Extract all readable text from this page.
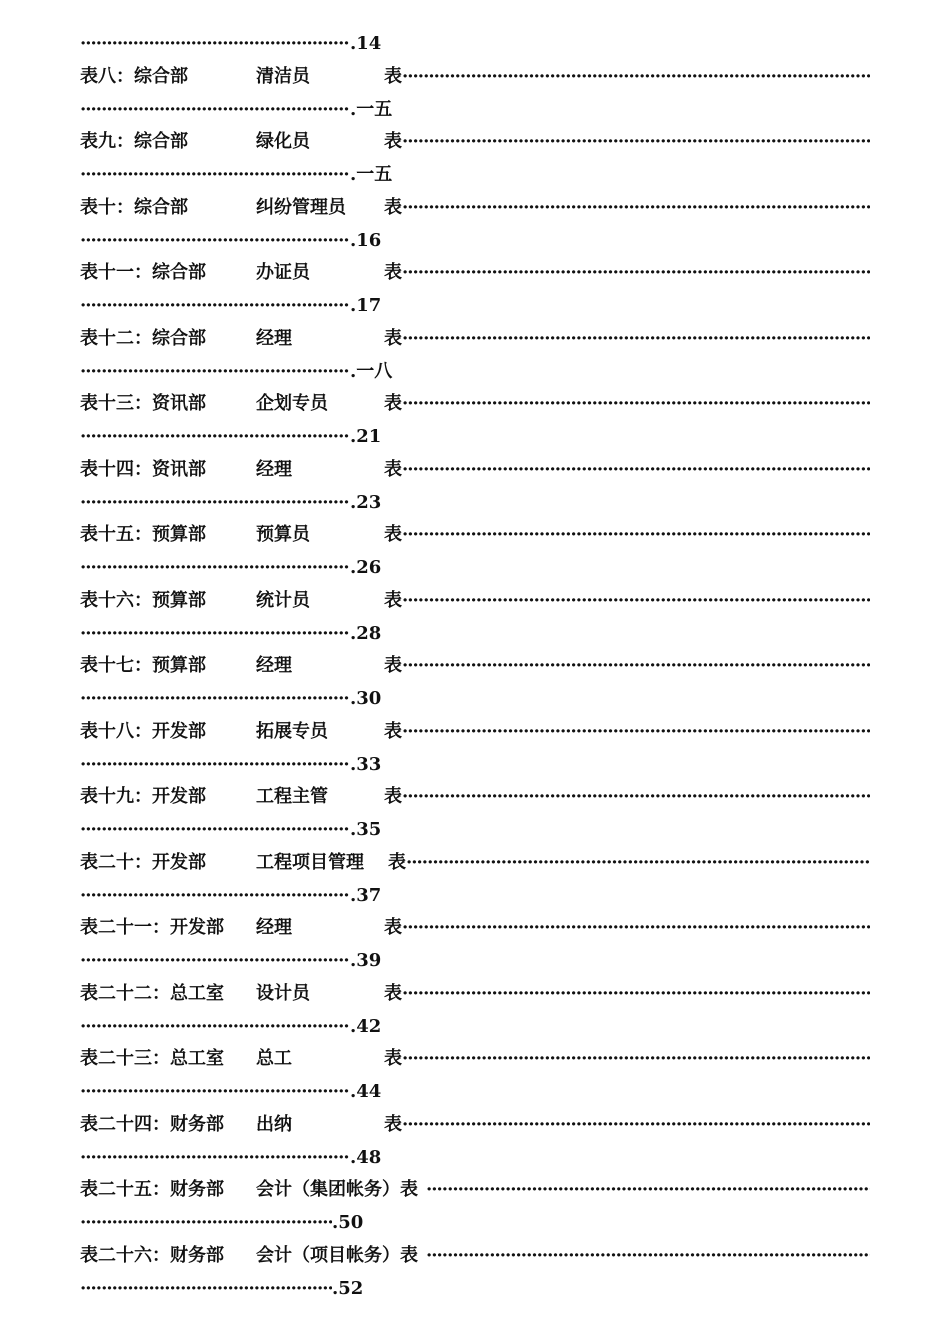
·····.14
表八：综合部	清洁员	表
·····
·····.一五
表九：综合部	绿化员	表
·····
·····.一五
表十：综合部	纠纷管理员 表
·····
·····.16
表十一：综合部	办证员	表
·····
·····.17
表十二：综合部	经理	表
·····
·····.一八
表十三：资讯部	企划专员	表
·····
·····.21
表十四：资讯部	经理	表
·····
·····.23
表十五：预算部	预算员	表
·····
·····.26
表十六：预算部	统计员	表
·····
·····.28
表十七：预算部	经理	表
·····
·····.30
表十八：开发部	拓展专员	表
·····
·····.33
表十九：开发部	工程主管	表
·····
·····.35
表二十：开发部	工程项目管理 表
·····
·····.37
表二十一：开发部 经理	表
·····
·····.39
表二十二：总工室 设计员	表
·····
·····.42
表二十三：总工室 总工	表
·····
·····.44
表二十四：财务部 出纳	表
·····
·····.48
表二十五：财务部 会计（集团帐务）表
·····
·····.50
表二十六：财务部 会计（项目帐务）表
·····
·····.52
